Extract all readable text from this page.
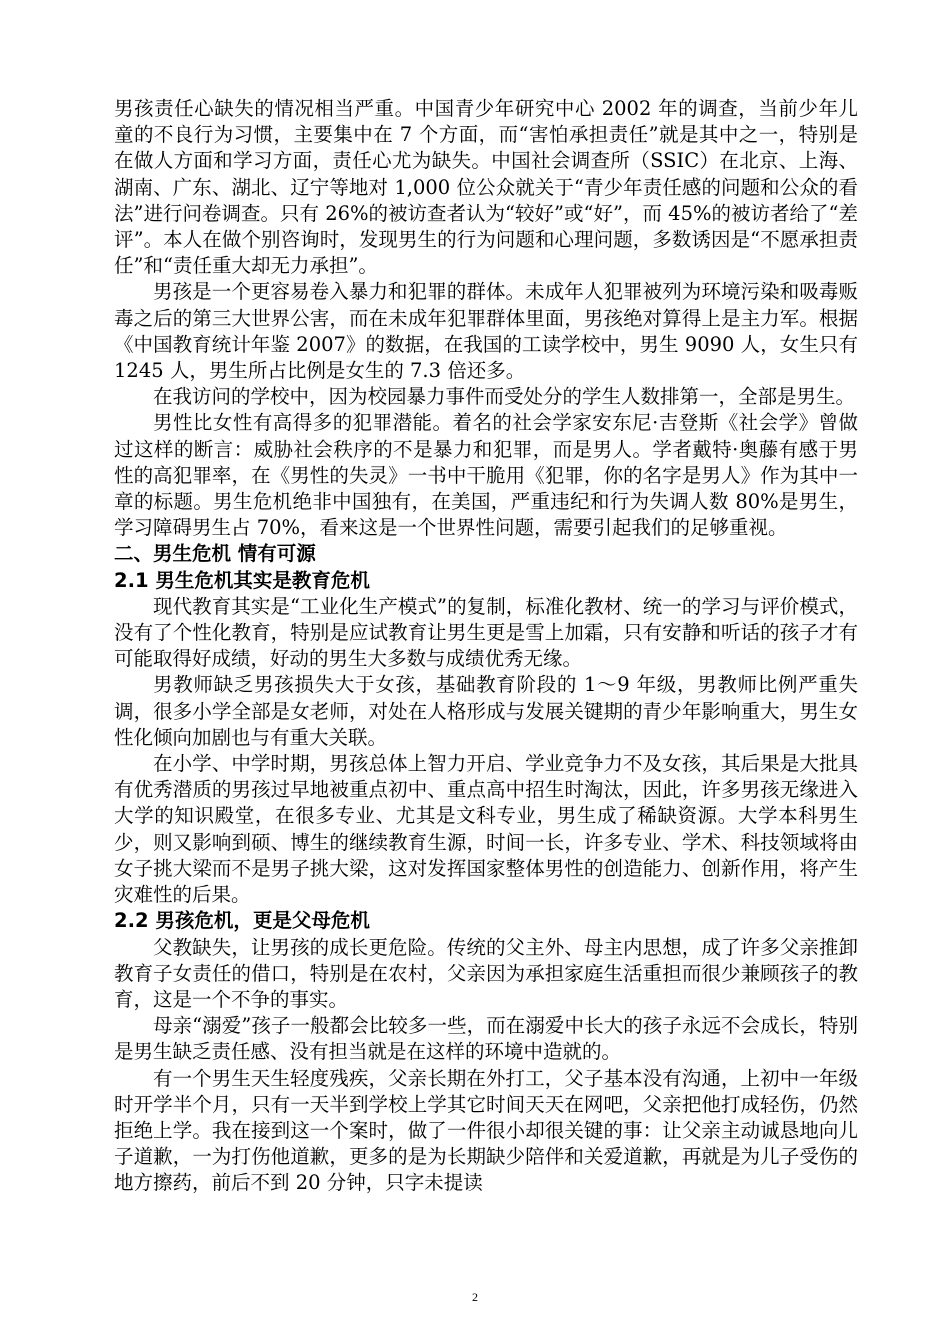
男孩责任心缺失的情况相当严重。中国青少年研究中心 2002 年的调查，当前少年儿童的不良行为习惯，主要集中在 7 个方面，而“害怕承担责任”就是其中之一，特别是在做人方面和学习方面，责任心尤为缺失。中国社会调查所（SSIC）在北京、上海、湖南、广东、湖北、辽宁等地对 1,000 位公众就关于“青少年责任感的问题和公众的看法”进行问卷调查。只有 26%的被访查者认为“较好”或“好”，而 45%的被访者给了“差评”。本人在做个别咨询时，发现男生的行为问题和心理问题，多数诱因是“不愿承担责任”和“责任重大却无力承担”。

男孩是一个更容易卷入暴力和犯罪的群体。未成年人犯罪被列为环境污染和吸毒贩毒之后的第三大世界公害，而在未成年犯罪群体里面，男孩绝对算得上是主力军。根据《中国教育统计年鉴 2007》的数据，在我国的工读学校中，男生 9090 人，女生只有 1245 人，男生所占比例是女生的 7.3 倍还多。

在我访问的学校中，因为校园暴力事件而受处分的学生人数排第一，全部是男生。

男性比女性有高得多的犯罪潜能。着名的社会学家安东尼·吉登斯《社会学》曾做过这样的断言：威胁社会秩序的不是暴力和犯罪，而是男人。学者戴特·奥藤有感于男性的高犯罪率，在《男性的失灵》一书中干脆用《犯罪，你的名字是男人》作为其中一章的标题。男生危机绝非中国独有，在美国，严重违纪和行为失调人数 80%是男生，学习障碍男生占 70%，看来这是一个世界性问题，需要引起我们的足够重视。

二、男生危机 情有可源
2.1 男生危机其实是教育危机

现代教育其实是“工业化生产模式”的复制，标准化教材、统一的学习与评价模式，没有了个性化教育，特别是应试教育让男生更是雪上加霜，只有安静和听话的孩子才有可能取得好成绩，好动的男生大多数与成绩优秀无缘。

男教师缺乏男孩损失大于女孩，基础教育阶段的 1～9 年级，男教师比例严重失调，很多小学全部是女老师，对处在人格形成与发展关键期的青少年影响重大，男生女性化倾向加剧也与有重大关联。

在小学、中学时期，男孩总体上智力开启、学业竞争力不及女孩，其后果是大批具有优秀潜质的男孩过早地被重点初中、重点高中招生时淘汰，因此，许多男孩无缘进入大学的知识殿堂，在很多专业、尤其是文科专业，男生成了稀缺资源。大学本科男生少，则又影响到硕、博生的继续教育生源，时间一长，许多专业、学术、科技领域将由女子挑大梁而不是男子挑大梁，这对发挥国家整体男性的创造能力、创新作用，将产生灾难性的后果。

2.2 男孩危机，更是父母危机

父教缺失，让男孩的成长更危险。传统的父主外、母主内思想，成了许多父亲推卸教育子女责任的借口，特别是在农村，父亲因为承担家庭生活重担而很少兼顾孩子的教育，这是一个不争的事实。

母亲“溺爱”孩子一般都会比较多一些，而在溺爱中长大的孩子永远不会成长，特别是男生缺乏责任感、没有担当就是在这样的环境中造就的。

有一个男生天生轻度残疾，父亲长期在外打工，父子基本没有沟通，上初中一年级时开学半个月，只有一天半到学校上学其它时间天天在网吧，父亲把他打成轻伤，仍然拒绝上学。我在接到这一个案时，做了一件很小却很关键的事：让父亲主动诚恳地向儿子道歉，一为打伤他道歉，更多的是为长期缺少陪伴和关爱道歉，再就是为儿子受伤的地方擦药，前后不到 20 分钟，只字未提读

2
